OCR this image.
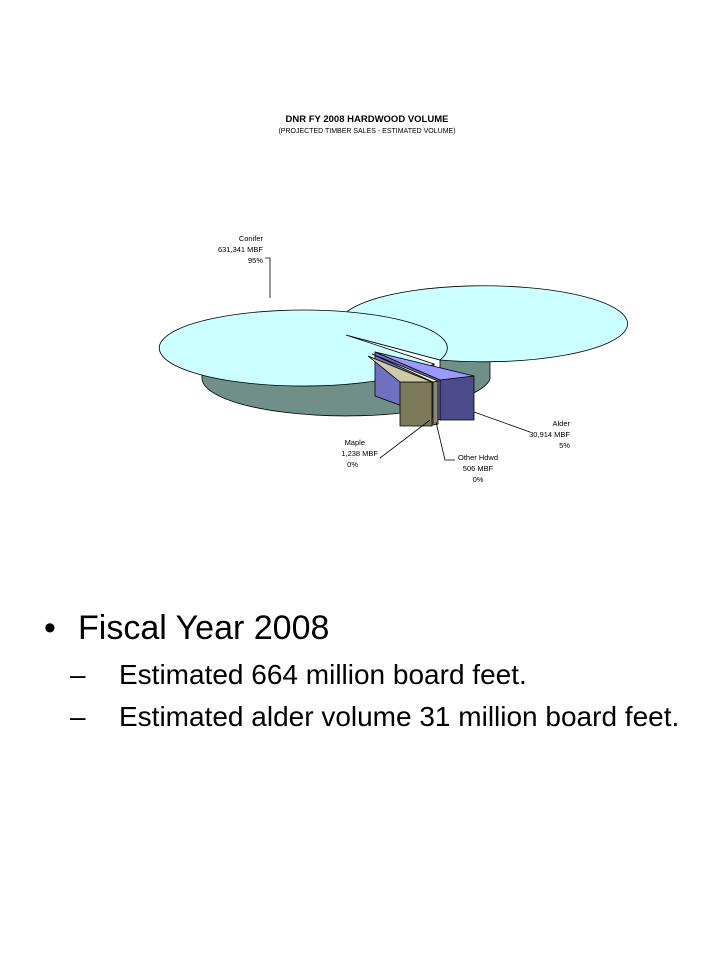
DNR FY 2008 HARDWOOD VOLUME
(PROJECTED TIMBER SALES - ESTIMATED VOLUME)
Conifer
631,341 MBF
95%
Alder
30,914 MBF
5%
Maple
1,238 MBF
0%
Other Hdwd
506 MBF
0%
• Fiscal Year 2008
– Estimated 664 million board feet.
– Estimated alder volume 31 million board feet.
